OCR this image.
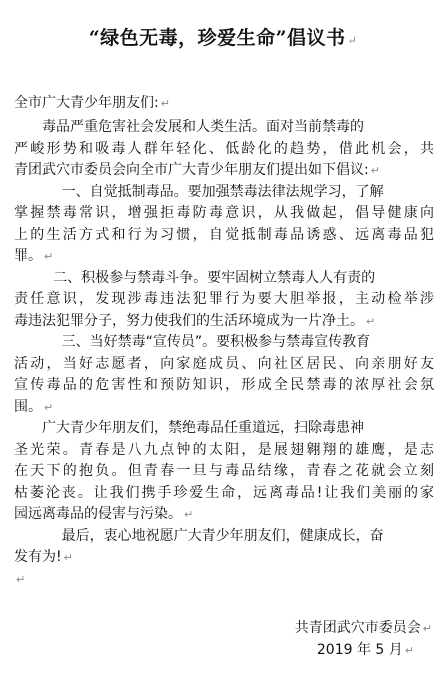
“绿色无毒，珍爱生命”倡议书 ↵
全市广大青少年朋友们: ↵
毒品严重危害社会发展和人类生活。面对当前禁毒的
严峻形势和吸毒人群年轻化、低龄化的趋势，借此机会，共
青团武穴市委员会向全市广大青少年朋友们提出如下倡议: ↵
一、自觉抵制毒品。要加强禁毒法律法规学习，了解
掌握禁毒常识，增强拒毒防毒意识，从我做起，倡导健康向
上的生活方式和行为习惯，自觉抵制毒品诱惑、远离毒品犯
罪。 ↵
二、积极参与禁毒斗争。要牢固树立禁毒人人有责的
责任意识，发现涉毒违法犯罪行为要大胆举报，主动检举涉
毒违法犯罪分子，努力使我们的生活环境成为一片净土。 ↵
三、当好禁毒“宣传员”。要积极参与禁毒宣传教育
活动，当好志愿者，向家庭成员、向社区居民、向亲朋好友
宣传毒品的危害性和预防知识，形成全民禁毒的浓厚社会氛
围。 ↵
广大青少年朋友们，禁绝毒品任重道远，扫除毒患神
圣光荣。青春是八九点钟的太阳，是展翅翱翔的雄鹰，是志
在天下的抱负。但青春一旦与毒品结缘，青春之花就会立刻
枯萎沦丧。让我们携手珍爱生命，远离毒品!让我们美丽的家
园远离毒品的侵害与污染。 ↵
最后，衷心地祝愿广大青少年朋友们，健康成长，奋
发有为! ↵
↵
共青团武穴市委员会 ↵
2019 年 5 月 ↵
